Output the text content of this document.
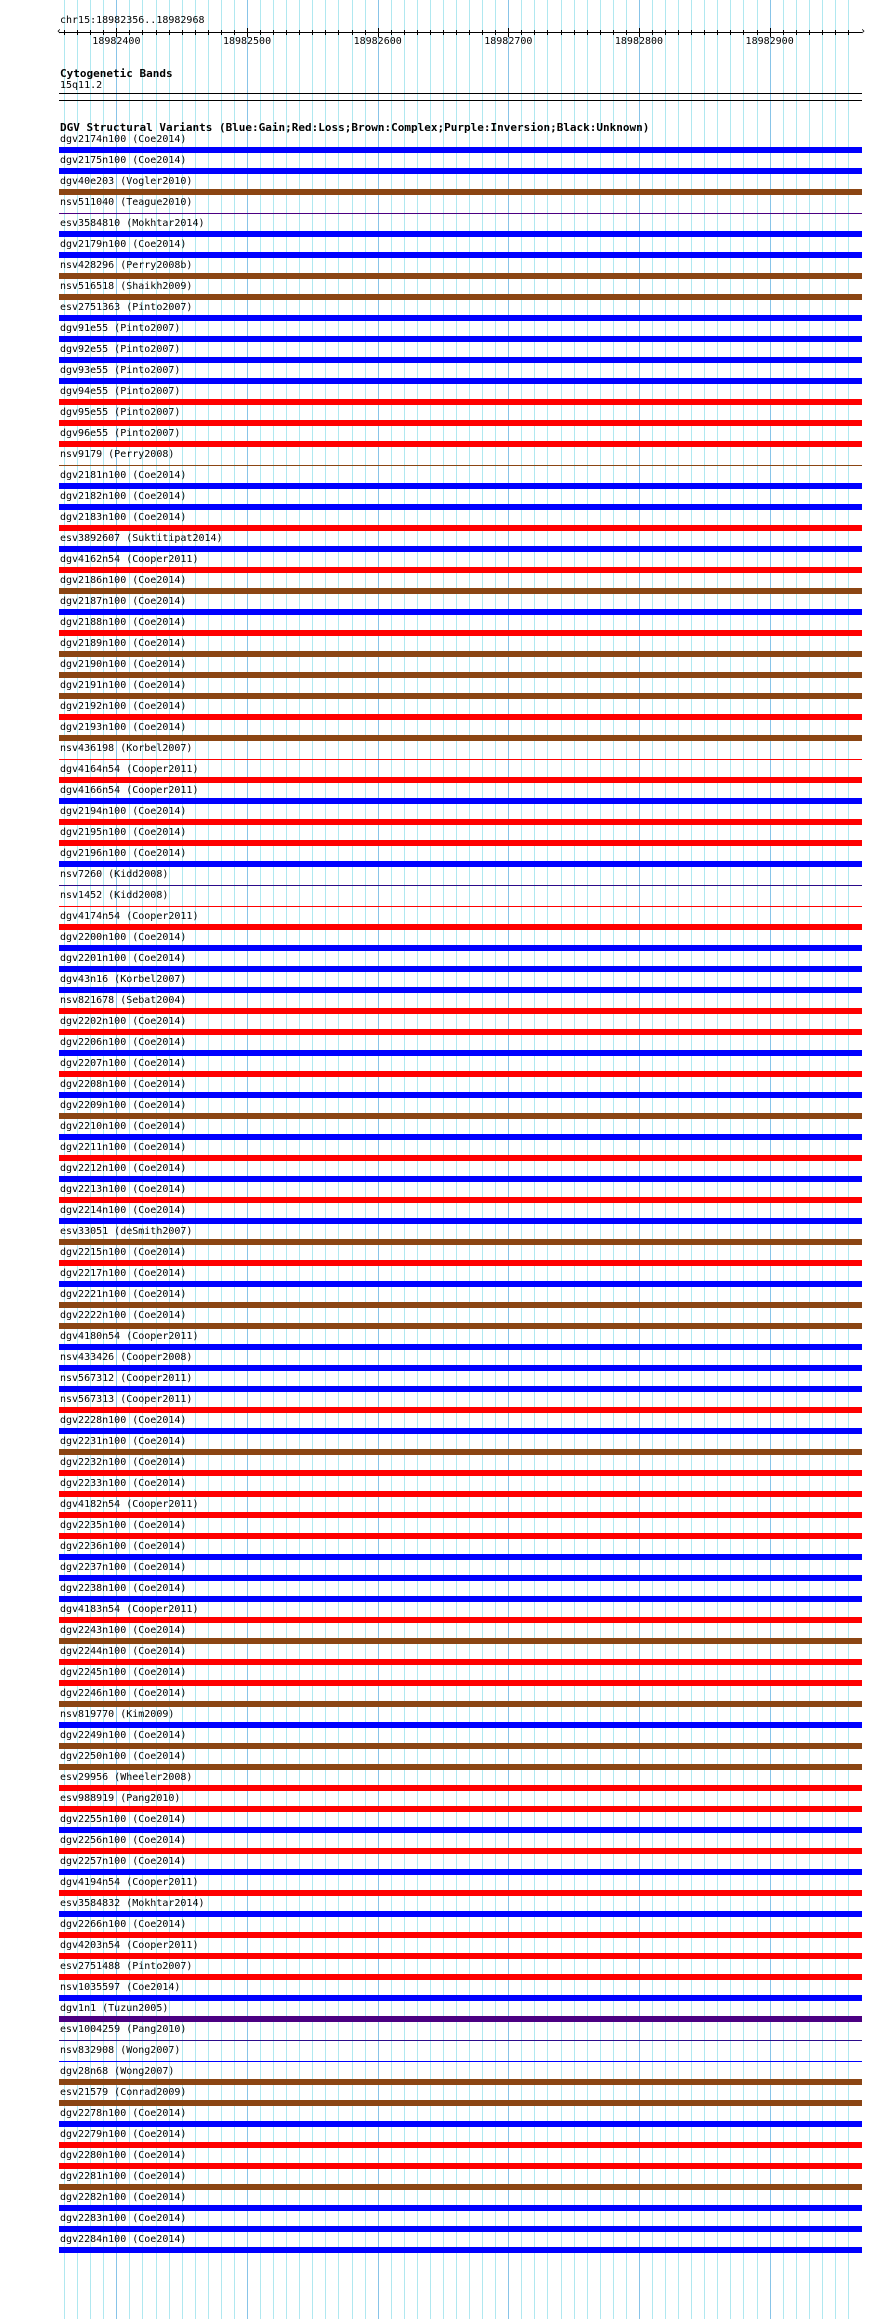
chr15:18982356..18982968
‹	›
18982400	18982500	18982600	18982700	18982800	18982900
Cytogenetic Bands
15q11.2
DGV Structural Variants (Blue:Gain;Red:Loss;Brown:Complex;Purple:Inversion;Black:Unknown)
dgv2174n100 (Coe2014)
dgv2175n100 (Coe2014)
dgv40e203 (Vogler2010)
nsv511040 (Teague2010)
esv3584810 (Mokhtar2014)
dgv2179n100 (Coe2014)
nsv428296 (Perry2008b)
nsv516518 (Shaikh2009)
esv2751363 (Pinto2007)
dgv91e55 (Pinto2007)
dgv92e55 (Pinto2007)
dgv93e55 (Pinto2007)
dgv94e55 (Pinto2007)
dgv95e55 (Pinto2007)
dgv96e55 (Pinto2007)
nsv9179 (Perry2008)
dgv2181n100 (Coe2014)
dgv2182n100 (Coe2014)
dgv2183n100 (Coe2014)
esv3892607 (Suktitipat2014)
dgv4162n54 (Cooper2011)
dgv2186n100 (Coe2014)
dgv2187n100 (Coe2014)
dgv2188n100 (Coe2014)
dgv2189n100 (Coe2014)
dgv2190n100 (Coe2014)
dgv2191n100 (Coe2014)
dgv2192n100 (Coe2014)
dgv2193n100 (Coe2014)
nsv436198 (Korbel2007)
dgv4164n54 (Cooper2011)
dgv4166n54 (Cooper2011)
dgv2194n100 (Coe2014)
dgv2195n100 (Coe2014)
dgv2196n100 (Coe2014)
nsv7260 (Kidd2008)
nsv1452 (Kidd2008)
dgv4174n54 (Cooper2011)
dgv2200n100 (Coe2014)
dgv2201n100 (Coe2014)
dgv43n16 (Korbel2007)
nsv821678 (Sebat2004)
dgv2202n100 (Coe2014)
dgv2206n100 (Coe2014)
dgv2207n100 (Coe2014)
dgv2208n100 (Coe2014)
dgv2209n100 (Coe2014)
dgv2210n100 (Coe2014)
dgv2211n100 (Coe2014)
dgv2212n100 (Coe2014)
dgv2213n100 (Coe2014)
dgv2214n100 (Coe2014)
esv33051 (deSmith2007)
dgv2215n100 (Coe2014)
dgv2217n100 (Coe2014)
dgv2221n100 (Coe2014)
dgv2222n100 (Coe2014)
dgv4180n54 (Cooper2011)
nsv433426 (Cooper2008)
nsv567312 (Cooper2011)
nsv567313 (Cooper2011)
dgv2228n100 (Coe2014)
dgv2231n100 (Coe2014)
dgv2232n100 (Coe2014)
dgv2233n100 (Coe2014)
dgv4182n54 (Cooper2011)
dgv2235n100 (Coe2014)
dgv2236n100 (Coe2014)
dgv2237n100 (Coe2014)
dgv2238n100 (Coe2014)
dgv4183n54 (Cooper2011)
dgv2243n100 (Coe2014)
dgv2244n100 (Coe2014)
dgv2245n100 (Coe2014)
dgv2246n100 (Coe2014)
nsv819770 (Kim2009)
dgv2249n100 (Coe2014)
dgv2250n100 (Coe2014)
esv29956 (Wheeler2008)
esv988919 (Pang2010)
dgv2255n100 (Coe2014)
dgv2256n100 (Coe2014)
dgv2257n100 (Coe2014)
dgv4194n54 (Cooper2011)
esv3584832 (Mokhtar2014)
dgv2266n100 (Coe2014)
dgv4203n54 (Cooper2011)
esv2751488 (Pinto2007)
nsv1035597 (Coe2014)
dgv1n1 (Tuzun2005)
esv1004259 (Pang2010)
nsv832908 (Wong2007)
dgv28n68 (Wong2007)
esv21579 (Conrad2009)
dgv2278n100 (Coe2014)
dgv2279n100 (Coe2014)
dgv2280n100 (Coe2014)
dgv2281n100 (Coe2014)
dgv2282n100 (Coe2014)
dgv2283n100 (Coe2014)
dgv2284n100 (Coe2014)
